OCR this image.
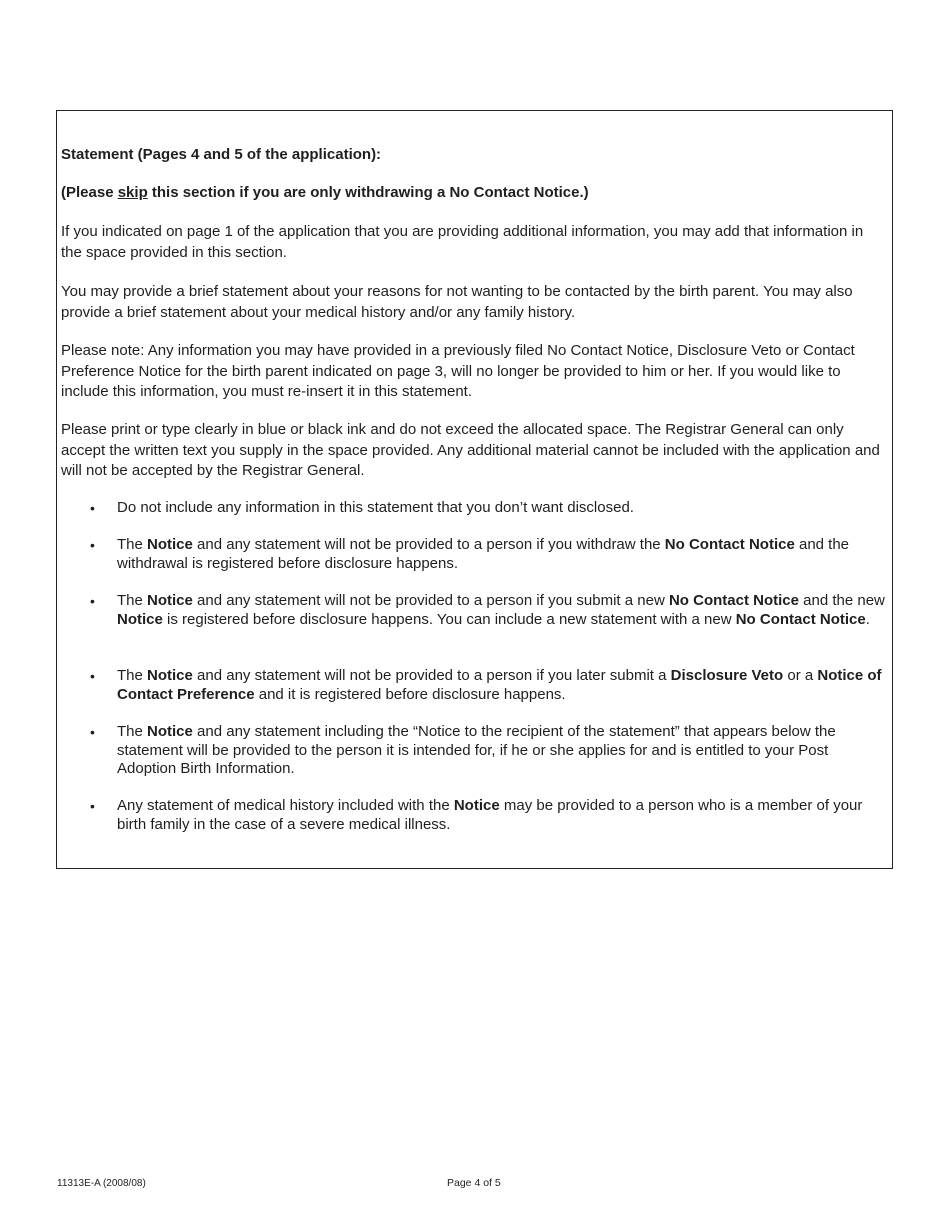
Statement (Pages 4 and 5 of the application):
(Please skip this section if you are only withdrawing a No Contact Notice.)
If you indicated on page 1 of the application that you are providing additional information, you may add that information in the space provided in this section.
You may provide a brief statement about your reasons for not wanting to be contacted by the birth parent. You may also provide a brief statement about your medical history and/or any family history.
Please note: Any information you may have provided in a previously filed No Contact Notice, Disclosure Veto or Contact Preference Notice for the birth parent indicated on page 3, will no longer be provided to him or her. If you would like to include this information, you must re-insert it in this statement.
Please print or type clearly in blue or black ink and do not exceed the allocated space. The Registrar General can only accept the written text you supply in the space provided. Any additional material cannot be included with the application and will not be accepted by the Registrar General.
• Do not include any information in this statement that you don’t want disclosed.
• The Notice and any statement will not be provided to a person if you withdraw the No Contact Notice and the withdrawal is registered before disclosure happens.
• The Notice and any statement will not be provided to a person if you submit a new No Contact Notice and the new Notice is registered before disclosure happens. You can include a new statement with a new No Contact Notice.
• The Notice and any statement will not be provided to a person if you later submit a Disclosure Veto or a Notice of Contact Preference and it is registered before disclosure happens.
• The Notice and any statement including the “Notice to the recipient of the statement” that appears below the statement will be provided to the person it is intended for, if he or she applies for and is entitled to your Post Adoption Birth Information.
• Any statement of medical history included with the Notice may be provided to a person who is a member of your birth family in the case of a severe medical illness.
11313E-A (2008/08)	Page 4 of 5
